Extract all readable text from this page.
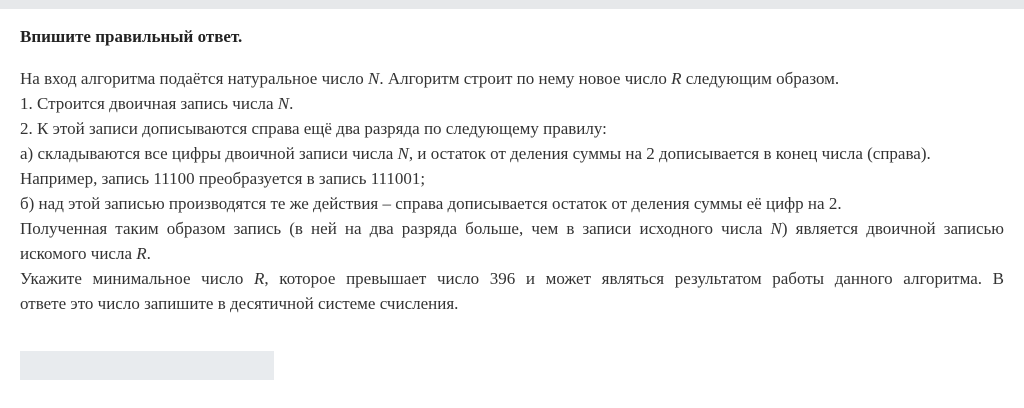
Впишите правильный ответ.
На вход алгоритма подаётся натуральное число N. Алгоритм строит по нему новое число R следующим образом.
1. Строится двоичная запись числа N.
2. К этой записи дописываются справа ещё два разряда по следующему правилу:
а) складываются все цифры двоичной записи числа N, и остаток от деления суммы на 2 дописывается в конец числа (справа).
Например, запись 11100 преобразуется в запись 111001;
б) над этой записью производятся те же действия – справа дописывается остаток от деления суммы её цифр на 2.
Полученная таким образом запись (в ней на два разряда больше, чем в записи исходного числа N) является двоичной записью
искомого числа R.
Укажите минимальное число R, которое превышает число 396 и может являться результатом работы данного алгоритма. В
ответе это число запишите в десятичной системе счисления.
